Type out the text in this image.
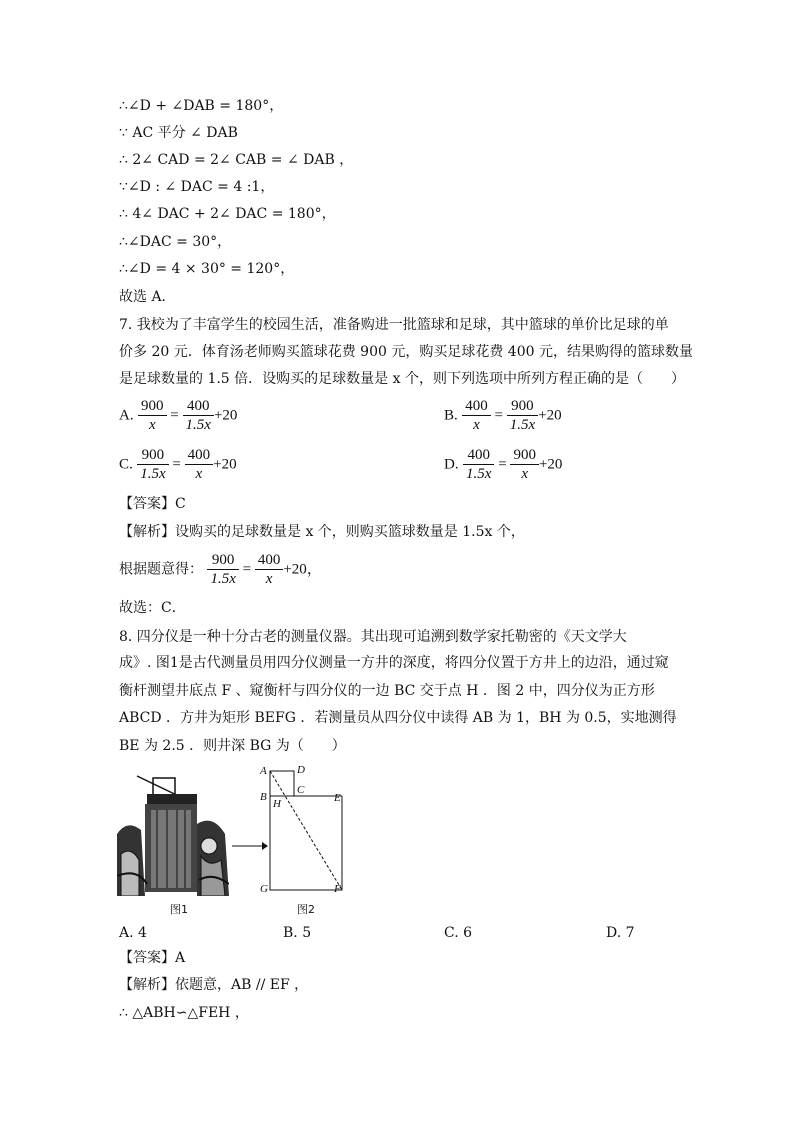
∴∠D + ∠DAB = 180°，
∵ AC 平分 ∠ DAB
∴ 2∠ CAD = 2∠ CAB = ∠ DAB ，
∵∠D : ∠ DAC = 4 :1，
∴ 4∠ DAC + 2∠ DAC = 180°，
∴∠DAC = 30°，
∴∠D = 4 × 30° = 120°，
故选 A．
7. 我校为了丰富学生的校园生活，准备购进一批篮球和足球，其中篮球的单价比足球的单
价多 20 元．体育汤老师购买篮球花费 900 元，购买足球花费 400 元，结果购得的篮球数量
是足球数量的 1.5 倍．设购买的足球数量是 x 个，则下列选项中所列方程正确的是（　　）
A. $\frac{900}{x} = \frac{400}{1.5x} +20$	B. $\frac{400}{x} = \frac{900}{1.5x} +20$
C. $\frac{900}{1.5x} = \frac{400}{x} +20$	D. $\frac{400}{1.5x} = \frac{900}{x} +20$
【答案】C
【解析】设购买的足球数量是 x 个，则购买篮球数量是 1.5x 个，
根据题意得： $\frac{900}{1.5x} = \frac{400}{x} +20$，
故选：C．
8. 四分仪是一种十分古老的测量仪器。其出现可追溯到数学家托勒密的《天文学大
成》. 图1是古代测量员用四分仪测量一方井的深度，将四分仪置于方井上的边沿，通过窥
衡杆测望井底点 F 、窥衡杆与四分仪的一边 BC 交于点 H ．图 2 中，四分仪为正方形
ABCD ．方井为矩形 BEFG ．若测量员从四分仪中读得 AB 为 1，BH 为 0.5，实地测得
BE 为 2.5 ．则井深 BG 为（　　）
A	D
B
C
H	E
G	F
图1	图2
A. 4	B. 5	C. 6	D. 7
【答案】A
【解析】依题意，AB // EF ，
∴ △ABH∽△FEH ，
